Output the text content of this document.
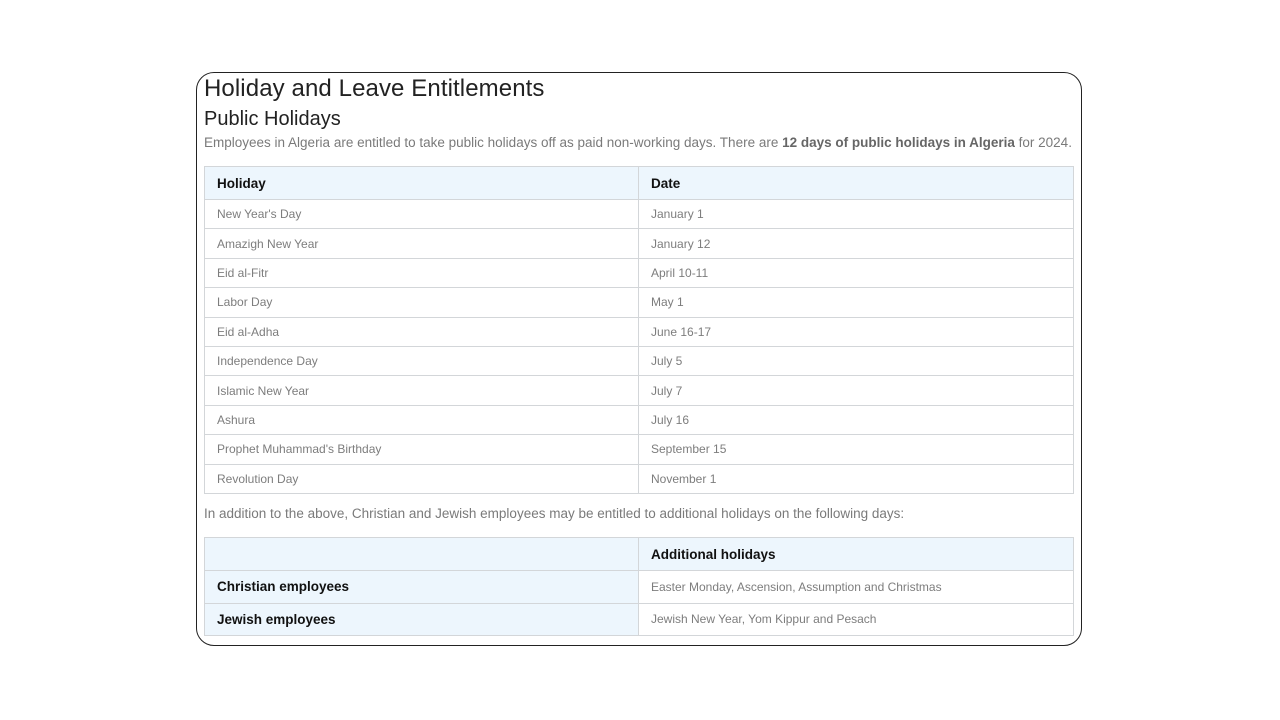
Holiday and Leave Entitlements
Public Holidays
Employees in Algeria are entitled to take public holidays off as paid non-working days. There are 12 days of public holidays in Algeria for 2024.
Holiday	Date
New Year's Day	January 1
Amazigh New Year	January 12
Eid al-Fitr	April 10-11
Labor Day	May 1
Eid al-Adha	June 16-17
Independence Day	July 5
Islamic New Year	July 7
Ashura	July 16
Prophet Muhammad's Birthday	September 15
Revolution Day	November 1
In addition to the above, Christian and Jewish employees may be entitled to additional holidays on the following days:
	Additional holidays
Christian employees	Easter Monday, Ascension, Assumption and Christmas
Jewish employees	Jewish New Year, Yom Kippur and Pesach
